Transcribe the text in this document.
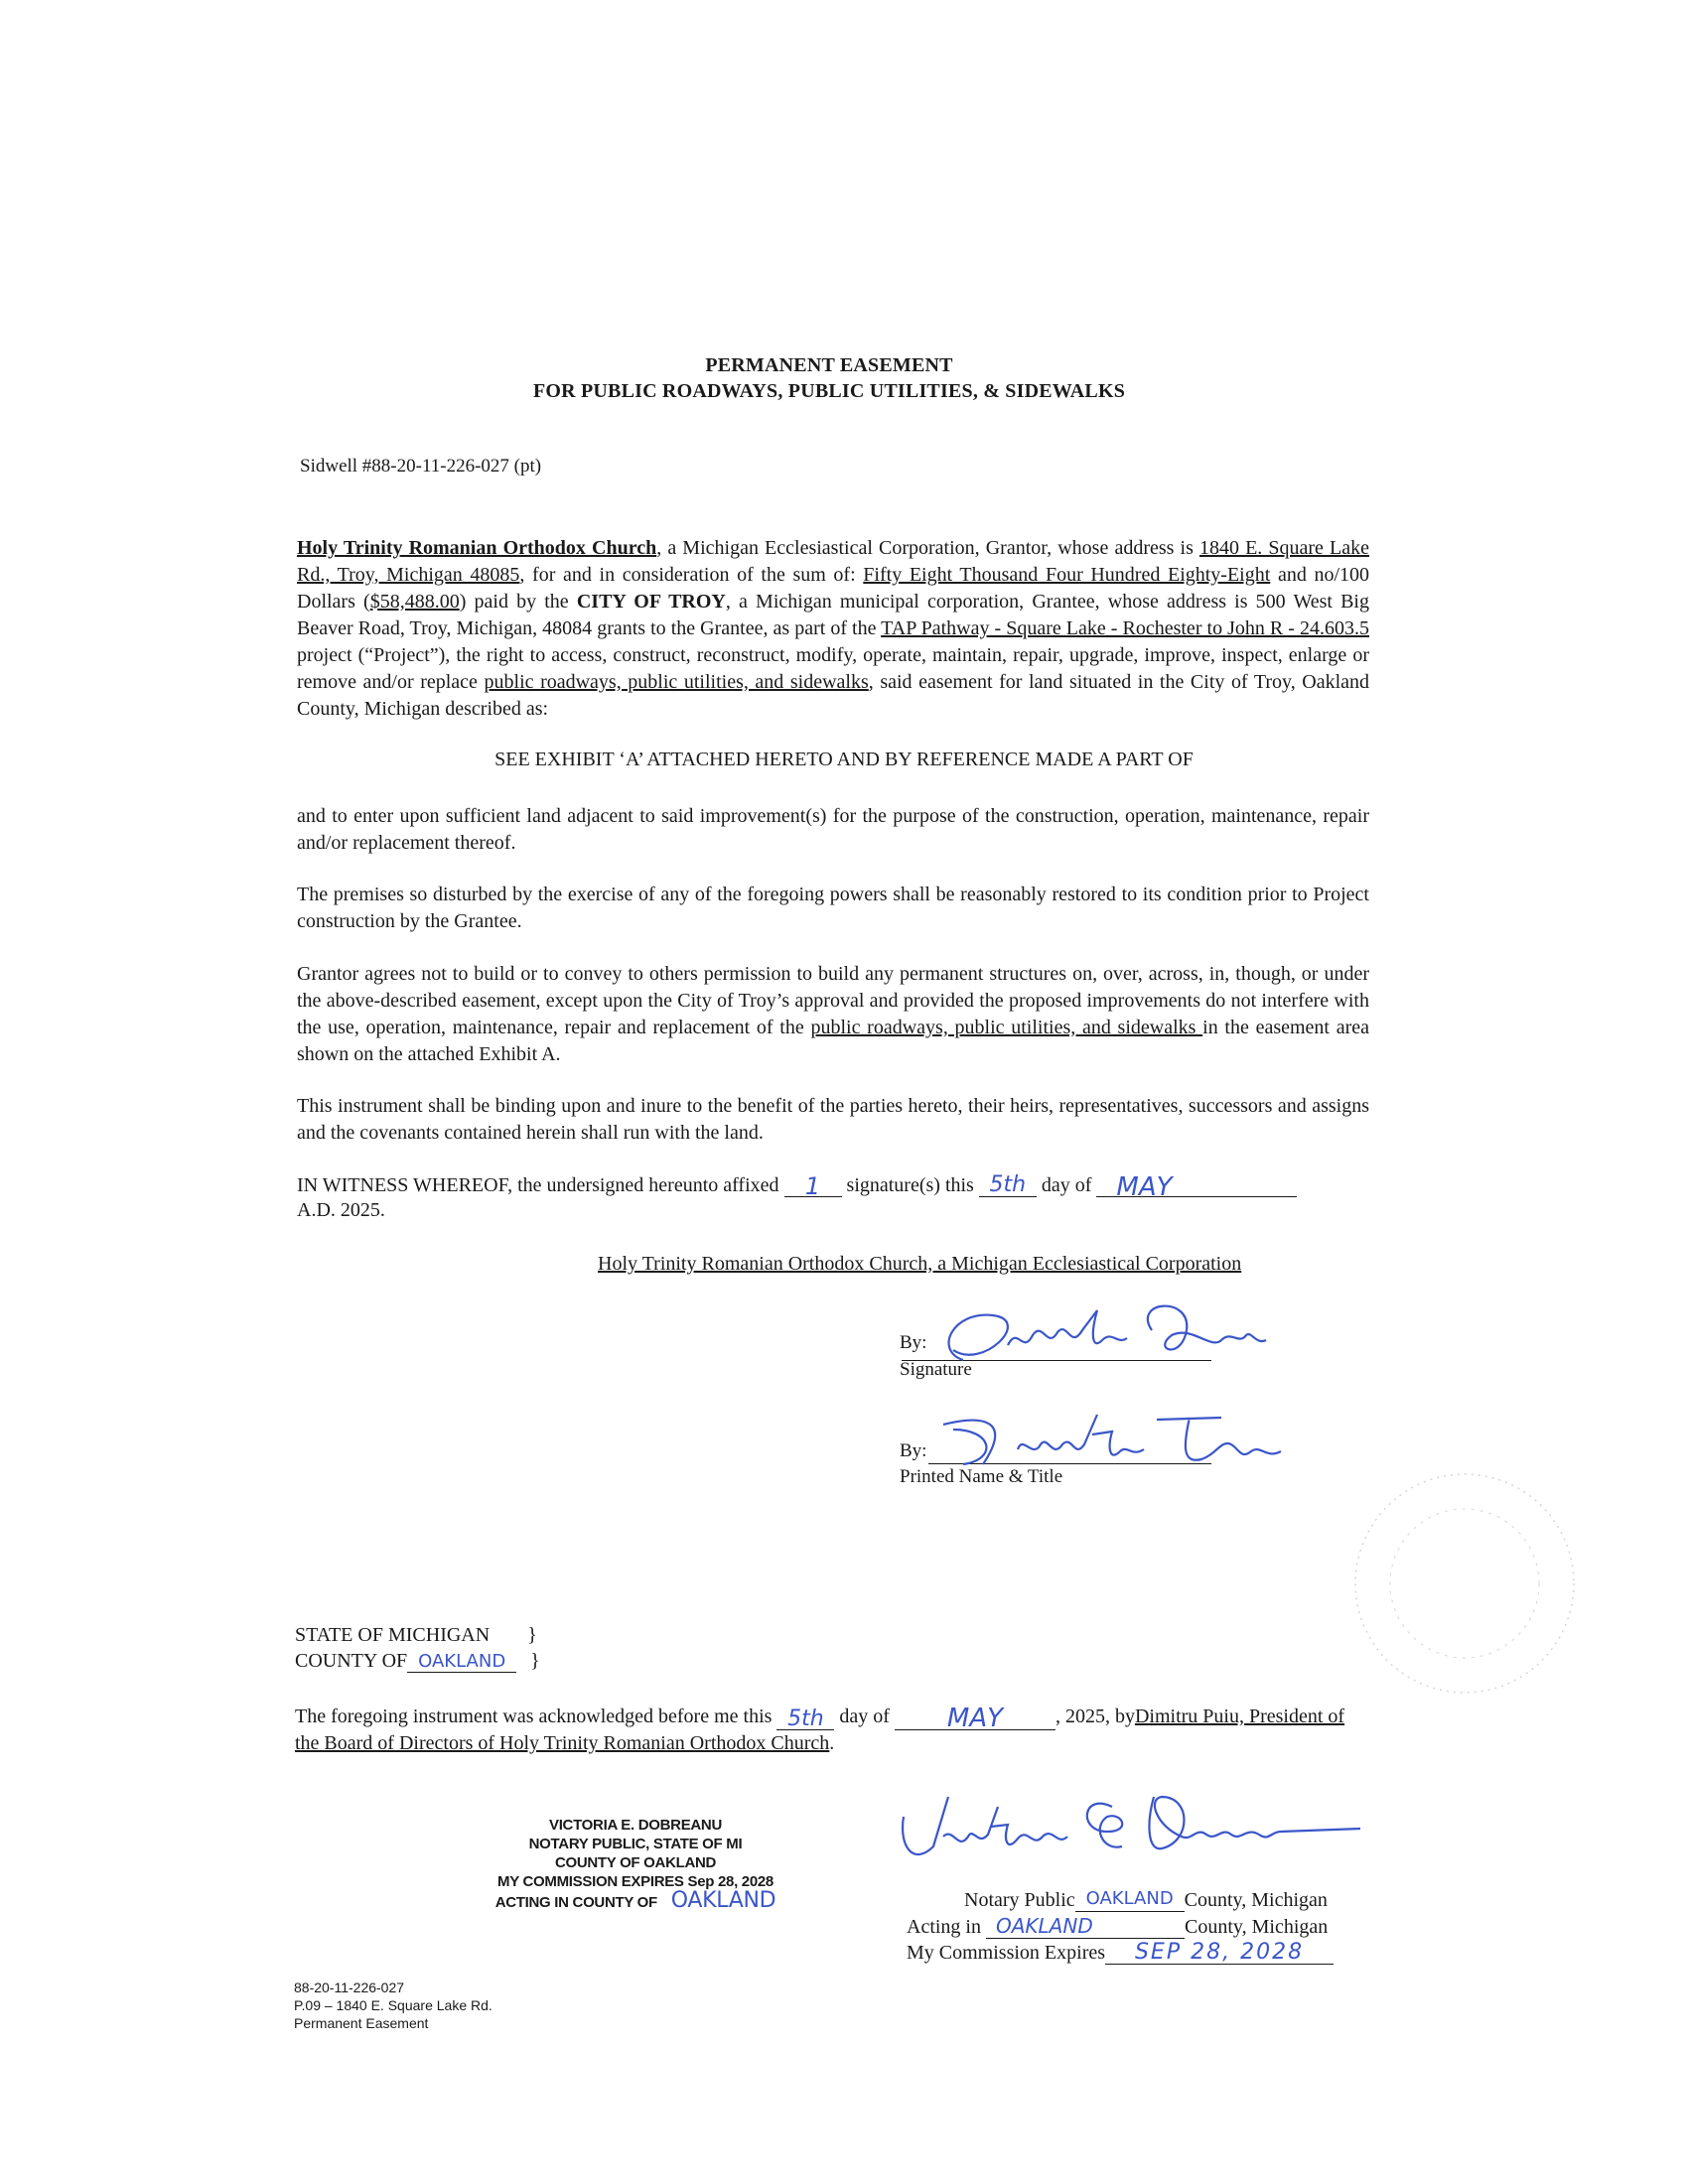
PERMANENT EASEMENT
FOR PUBLIC ROADWAYS, PUBLIC UTILITIES, & SIDEWALKS
Sidwell #88-20-11-226-027 (pt)
Holy Trinity Romanian Orthodox Church, a Michigan Ecclesiastical Corporation, Grantor, whose address is 1840 E. Square Lake Rd., Troy, Michigan 48085, for and in consideration of the sum of: Fifty Eight Thousand Four Hundred Eighty-Eight and no/100 Dollars ($58,488.00) paid by the CITY OF TROY, a Michigan municipal corporation, Grantee, whose address is 500 West Big Beaver Road, Troy, Michigan, 48084 grants to the Grantee, as part of the TAP Pathway - Square Lake - Rochester to John R - 24.603.5 project (“Project”), the right to access, construct, reconstruct, modify, operate, maintain, repair, upgrade, improve, inspect, enlarge or remove and/or replace public roadways, public utilities, and sidewalks, said easement for land situated in the City of Troy, Oakland County, Michigan described as:
SEE EXHIBIT ‘A’ ATTACHED HERETO AND BY REFERENCE MADE A PART OF
and to enter upon sufficient land adjacent to said improvement(s) for the purpose of the construction, operation, maintenance, repair and/or replacement thereof.
The premises so disturbed by the exercise of any of the foregoing powers shall be reasonably restored to its condition prior to Project construction by the Grantee.
Grantor agrees not to build or to convey to others permission to build any permanent structures on, over, across, in, though, or under the above-described easement, except upon the City of Troy’s approval and provided the proposed improvements do not interfere with the use, operation, maintenance, repair and replacement of the public roadways, public utilities, and sidewalks in the easement area shown on the attached Exhibit A.
This instrument shall be binding upon and inure to the benefit of the parties hereto, their heirs, representatives, successors and assigns and the covenants contained herein shall run with the land.
IN WITNESS WHEREOF, the undersigned hereunto affixed 1 signature(s) this 5th day of MAY
A.D. 2025.
Holy Trinity Romanian Orthodox Church, a Michigan Ecclesiastical Corporation
By:
Signature
By:
Printed Name & Title
STATE OF MICHIGAN }
COUNTY OF OAKLAND }
The foregoing instrument was acknowledged before me this 5th day of MAY	, 2025, byDimitru Puiu, President of the Board of Directors of Holy Trinity Romanian Orthodox Church.
VICTORIA E. DOBREANU
NOTARY PUBLIC, STATE OF MI
COUNTY OF OAKLAND
MY COMMISSION EXPIRES Sep 28, 2028
ACTING IN COUNTY OF OAKLAND	Notary Public OAKLAND County, Michigan
Acting in OAKLAND	County, Michigan
My Commission Expires SEP 28, 2028
88-20-11-226-027
P.09 – 1840 E. Square Lake Rd.
Permanent Easement
